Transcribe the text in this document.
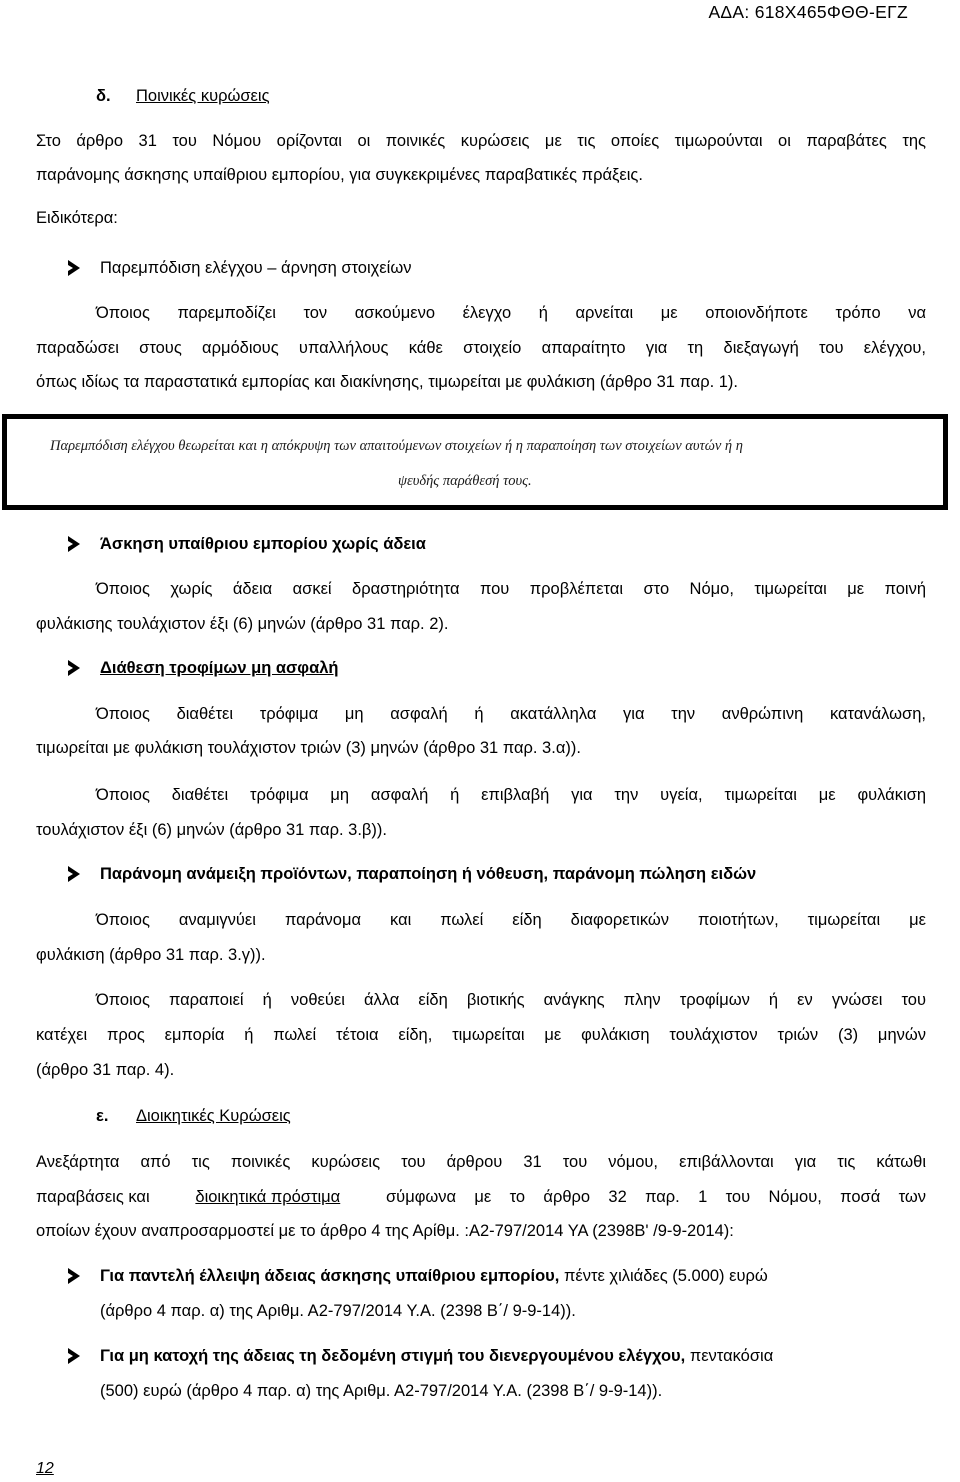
ΑΔΑ: 618Χ465ΦΘΘ-ΕΓΖ
δ. Ποινικές κυρώσεις
Στο άρθρο 31 του Νόμου ορίζονται οι ποινικές κυρώσεις με τις οποίες τιμωρούνται οι παραβάτες της
παράνομης άσκησης υπαίθριου εμπορίου, για συγκεκριμένες παραβατικές πράξεις.
Ειδικότερα:
Παρεμπόδιση ελέγχου – άρνηση στοιχείων
Όποιος παρεμποδίζει τον ασκούμενο έλεγχο ή αρνείται με οποιονδήποτε τρόπο να
παραδώσει στους αρμόδιους υπαλλήλους κάθε στοιχείο απαραίτητο για τη διεξαγωγή του ελέγχου,
όπως ιδίως τα παραστατικά εμπορίας και διακίνησης, τιμωρείται με φυλάκιση (άρθρο 31 παρ. 1).
Παρεμπόδιση ελέγχου θεωρείται και η απόκρυψη των απαιτούμενων στοιχείων ή η παραποίηση των στοιχείων αυτών ή η
ψευδής παράθεσή τους.
Άσκηση υπαίθριου εμπορίου χωρίς άδεια
Όποιος χωρίς άδεια ασκεί δραστηριότητα που προβλέπεται στο Νόμο, τιμωρείται με ποινή
φυλάκισης τουλάχιστον έξι (6) μηνών (άρθρο 31 παρ. 2).
Διάθεση τροφίμων μη ασφαλή
Όποιος διαθέτει τρόφιμα μη ασφαλή ή ακατάλληλα για την ανθρώπινη κατανάλωση,
τιμωρείται με φυλάκιση τουλάχιστον τριών (3) μηνών (άρθρο 31 παρ. 3.α)).
Όποιος διαθέτει τρόφιμα μη ασφαλή ή επιβλαβή για την υγεία, τιμωρείται με φυλάκιση
τουλάχιστον έξι (6) μηνών (άρθρο 31 παρ. 3.β)).
Παράνομη ανάμειξη προϊόντων, παραποίηση ή νόθευση, παράνομη πώληση ειδών
Όποιος αναμιγνύει παράνομα και πωλεί είδη διαφορετικών ποιοτήτων, τιμωρείται με
φυλάκιση (άρθρο 31 παρ. 3.γ)).
Όποιος παραποιεί ή νοθεύει άλλα είδη βιοτικής ανάγκης πλην τροφίμων ή εν γνώσει του
κατέχει προς εμπορία ή πωλεί τέτοια είδη, τιμωρείται με φυλάκιση τουλάχιστον τριών (3) μηνών
(άρθρο 31 παρ. 4).
ε. Διοικητικές Κυρώσεις
Ανεξάρτητα από τις ποινικές κυρώσεις του άρθρου 31 του νόμου, επιβάλλονται για τις κάτωθι
παραβάσεις και	διοικητικά πρόστιμα	σύμφωνα με το άρθρο 32 παρ. 1 του Νόμου, ποσά των
οποίων έχουν αναπροσαρμοστεί με το άρθρο 4 της Αρίθμ. :Α2-797/2014 ΥΑ (2398Β' /9-9-2014):
Για παντελή έλλειψη άδειας άσκησης υπαίθριου εμπορίου, πέντε χιλιάδες (5.000) ευρώ
(άρθρο 4 παρ. α) της Αριθμ. Α2-797/2014 Υ.Α. (2398 Β΄/ 9-9-14)).
Για μη κατοχή της άδειας τη δεδομένη στιγμή του διενεργουμένου ελέγχου, πεντακόσια
(500) ευρώ (άρθρο 4 παρ. α) της Αριθμ. Α2-797/2014 Υ.Α. (2398 Β΄/ 9-9-14)).
12
